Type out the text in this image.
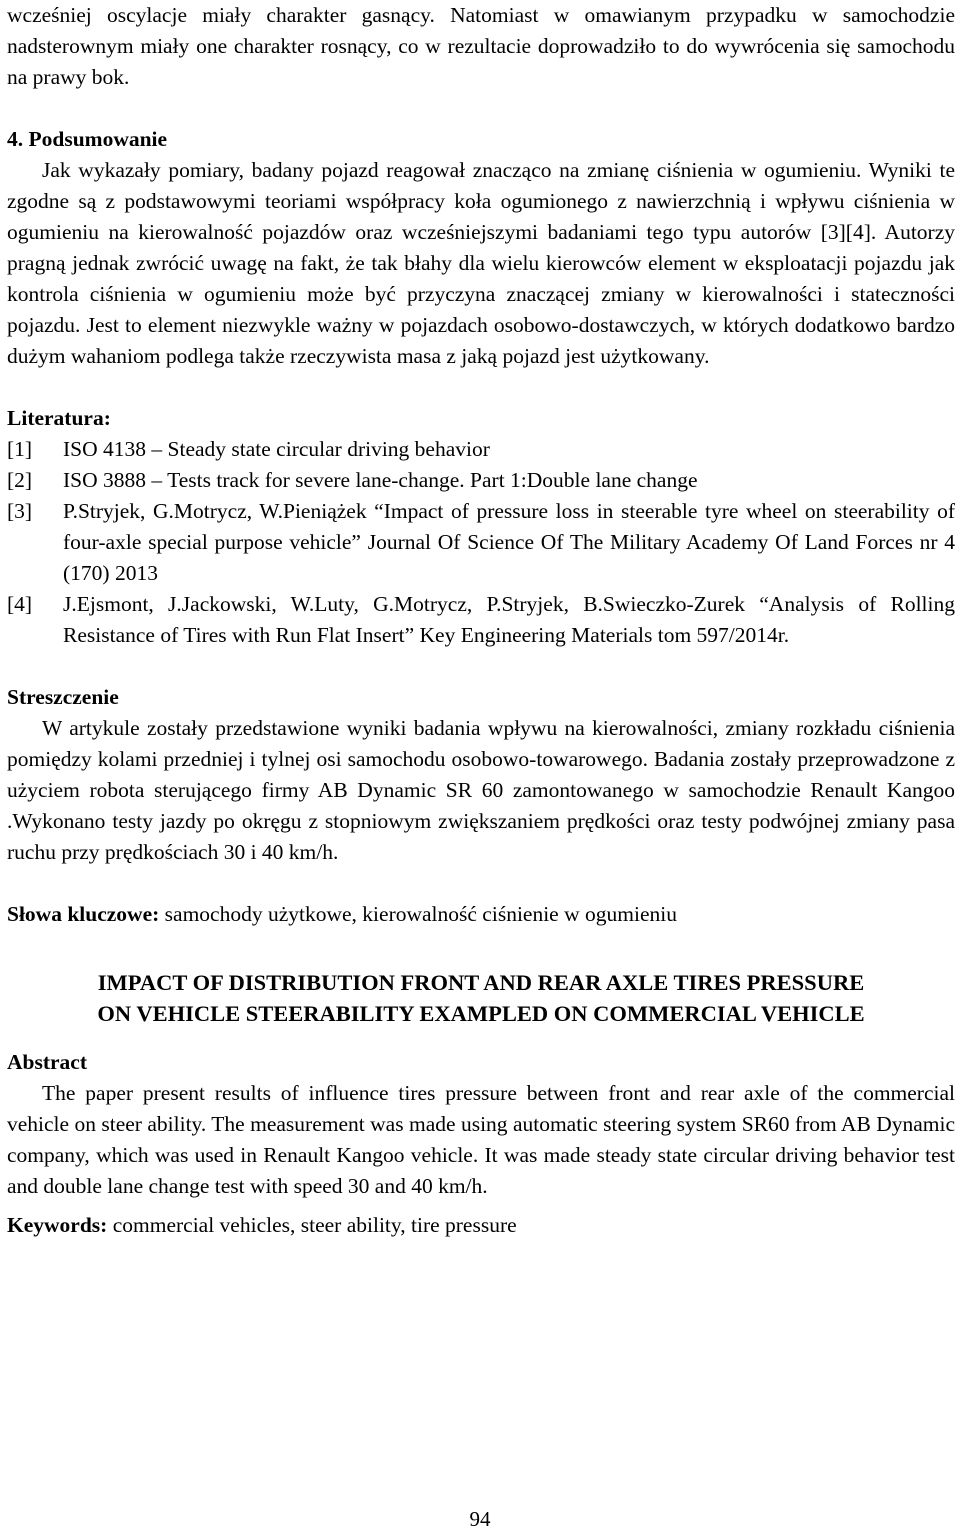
wcześniej oscylacje miały charakter gasnący. Natomiast w omawianym przypadku w samochodzie nadsterownym miały one charakter rosnący, co w rezultacie doprowadziło to do wywrócenia się samochodu na prawy bok.

4. Podsumowanie

Jak wykazały pomiary, badany pojazd reagował znacząco na zmianę ciśnienia w ogumieniu. Wyniki te zgodne są z podstawowymi teoriami współpracy koła ogumionego z nawierzchnią i wpływu ciśnienia w ogumieniu na kierowalność pojazdów oraz wcześniejszymi badaniami tego typu autorów [3][4]. Autorzy pragną jednak zwrócić uwagę na fakt, że tak błahy dla wielu kierowców element w eksploatacji pojazdu jak kontrola ciśnienia w ogumieniu może być przyczyna znaczącej zmiany w kierowalności i stateczności pojazdu. Jest to element niezwykle ważny w pojazdach osobowo-dostawczych, w których dodatkowo bardzo dużym wahaniom podlega także rzeczywista masa z jaką pojazd jest użytkowany.

Literatura:

[1]	ISO 4138 – Steady state circular driving behavior
[2]	ISO 3888 – Tests track for severe lane-change. Part 1:Double lane change
[3]	P.Stryjek, G.Motrycz, W.Pieniążek “Impact of pressure loss in steerable tyre wheel on steerability of four-axle special purpose vehicle” Journal Of Science Of The Military Academy Of Land Forces nr 4 (170) 2013
[4]	J.Ejsmont, J.Jackowski, W.Luty, G.Motrycz, P.Stryjek, B.Swieczko-Zurek “Analysis of Rolling Resistance of Tires with Run Flat Insert” Key Engineering Materials tom 597/2014r.

Streszczenie

W artykule zostały przedstawione wyniki badania wpływu na kierowalności, zmiany rozkładu ciśnienia pomiędzy kolami przedniej i tylnej osi samochodu osobowo-towarowego. Badania zostały przeprowadzone z użyciem robota sterującego firmy AB Dynamic SR 60 zamontowanego w samochodzie Renault Kangoo .Wykonano testy jazdy po okręgu z stopniowym zwiększaniem prędkości oraz testy podwójnej zmiany pasa ruchu przy prędkościach 30 i 40 km/h.

Słowa kluczowe: samochody użytkowe, kierowalność ciśnienie w ogumieniu

IMPACT OF DISTRIBUTION FRONT AND REAR AXLE TIRES PRESSURE
ON VEHICLE STEERABILITY EXAMPLED ON COMMERCIAL VEHICLE

Abstract

The paper present results of influence tires pressure between front and rear axle of the commercial vehicle on steer ability. The measurement was made using automatic steering system SR60 from AB Dynamic company, which was used in Renault Kangoo vehicle. It was made steady state circular driving behavior test and double lane change test with speed 30 and 40 km/h.

Keywords: commercial vehicles, steer ability, tire pressure

94
